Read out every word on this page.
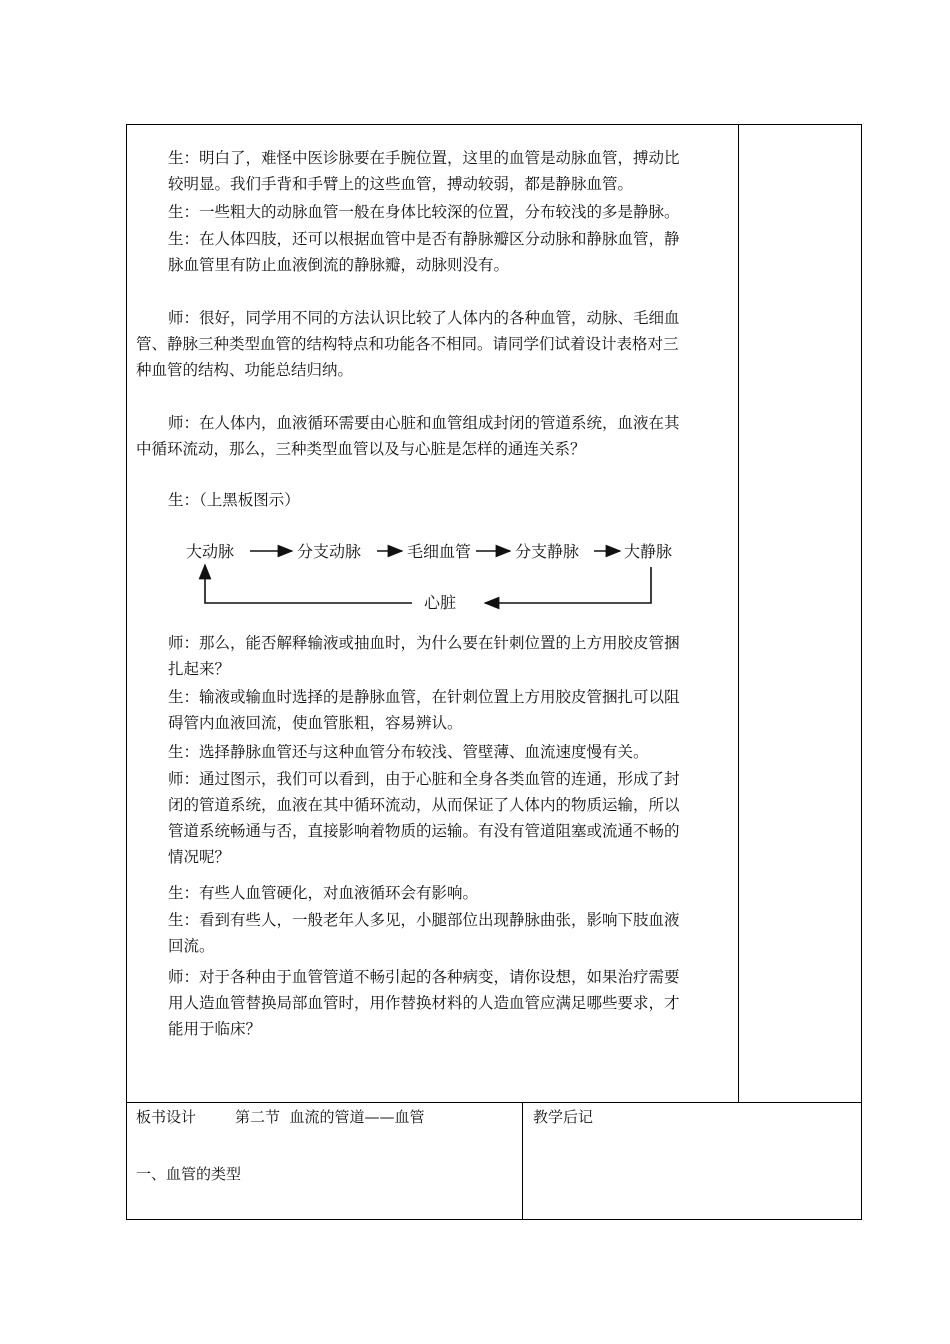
生：明白了，难怪中医诊脉要在手腕位置，这里的血管是动脉血管，搏动比
较明显。我们手背和手臂上的这些血管，搏动较弱，都是静脉血管。
生：一些粗大的动脉血管一般在身体比较深的位置，分布较浅的多是静脉。
生：在人体四肢，还可以根据血管中是否有静脉瓣区分动脉和静脉血管，静
脉血管里有防止血液倒流的静脉瓣，动脉则没有。
师：很好，同学用不同的方法认识比较了人体内的各种血管，动脉、毛细血
管、静脉三种类型血管的结构特点和功能各不相同。请同学们试着设计表格对三
种血管的结构、功能总结归纳。
师：在人体内，血液循环需要由心脏和血管组成封闭的管道系统，血液在其
中循环流动，那么，三种类型血管以及与心脏是怎样的通连关系？
生：（上黑板图示）
大动脉	分支动脉	毛细血管	分支静脉	大静脉
心脏
师：那么，能否解释输液或抽血时，为什么要在针刺位置的上方用胶皮管捆
扎起来？
生：输液或输血时选择的是静脉血管，在针刺位置上方用胶皮管捆扎可以阻
碍管内血液回流，使血管胀粗，容易辨认。
生：选择静脉血管还与这种血管分布较浅、管壁薄、血流速度慢有关。
师：通过图示，我们可以看到，由于心脏和全身各类血管的连通，形成了封
闭的管道系统，血液在其中循环流动，从而保证了人体内的物质运输，所以
管道系统畅通与否，直接影响着物质的运输。有没有管道阻塞或流通不畅的
情况呢？
生：有些人血管硬化，对血液循环会有影响。
生：看到有些人，一般老年人多见，小腿部位出现静脉曲张，影响下肢血液
回流。
师：对于各种由于血管管道不畅引起的各种病变，请你设想，如果治疗需要
用人造血管替换局部血管时，用作替换材料的人造血管应满足哪些要求，才
能用于临床？
板书设计	第二节  血流的管道——血管
一、血管的类型
教学后记
